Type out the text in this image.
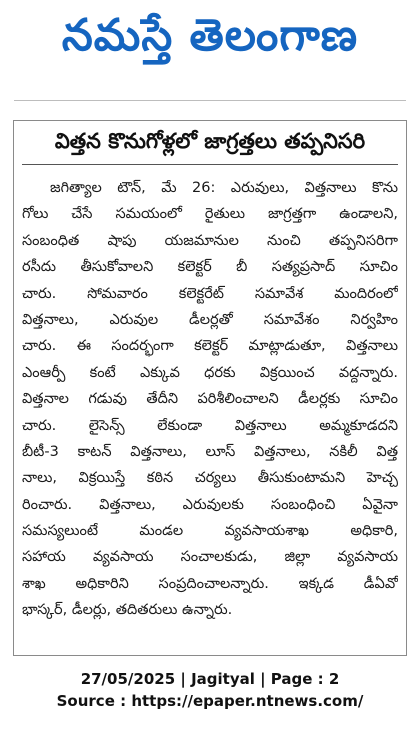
నమస్తే తెలంగాణ
విత్తన కొనుగోళ్లలో జాగ్రత్తలు తప్పనిసరి
జగిత్యాల టౌన్, మే 26: ఎరువులు, విత్తనాలు కొను
గోలు చేసే సమయంలో రైతులు జాగ్రత్తగా ఉండాలని,
సంబంధిత షాపు యజమానుల నుంచి తప్పనిసరిగా
రసీదు తీసుకోవాలని కలెక్టర్ బీ సత్యప్రసాద్ సూచిం
చారు. సోమవారం కలెక్టరేట్ సమావేశ మందిరంలో
విత్తనాలు, ఎరువుల డీలర్లతో సమావేశం నిర్వహిం
చారు. ఈ సందర్భంగా కలెక్టర్ మాట్లాడుతూ, విత్తనాలు
ఎంఆర్పీ కంటే ఎక్కువ ధరకు విక్రయించ వద్దన్నారు.
విత్తనాల గడువు తేదీని పరిశీలించాలని డీలర్లకు సూచిం
చారు. లైసెన్స్ లేకుండా విత్తనాలు అమ్మకూడదని
బీటీ-3 కాటన్ విత్తనాలు, లూస్ విత్తనాలు, నకిలీ విత్త
నాలు, విక్రయిస్తే కఠిన చర్యలు తీసుకుంటామని హెచ్చ
రించారు. విత్తనాలు, ఎరువులకు సంబంధించి ఏవైనా
సమస్యలుంటే మండల వ్యవసాయశాఖ అధికారి,
సహాయ వ్యవసాయ సంచాలకుడు, జిల్లా వ్యవసాయ
శాఖ అధికారిని సంప్రదించాలన్నారు. ఇక్కడ డీఏవో
భాస్కర్, డీలర్లు, తదితరులు ఉన్నారు.
27/05/2025 | Jagityal | Page : 2
Source : https://epaper.ntnews.com/
